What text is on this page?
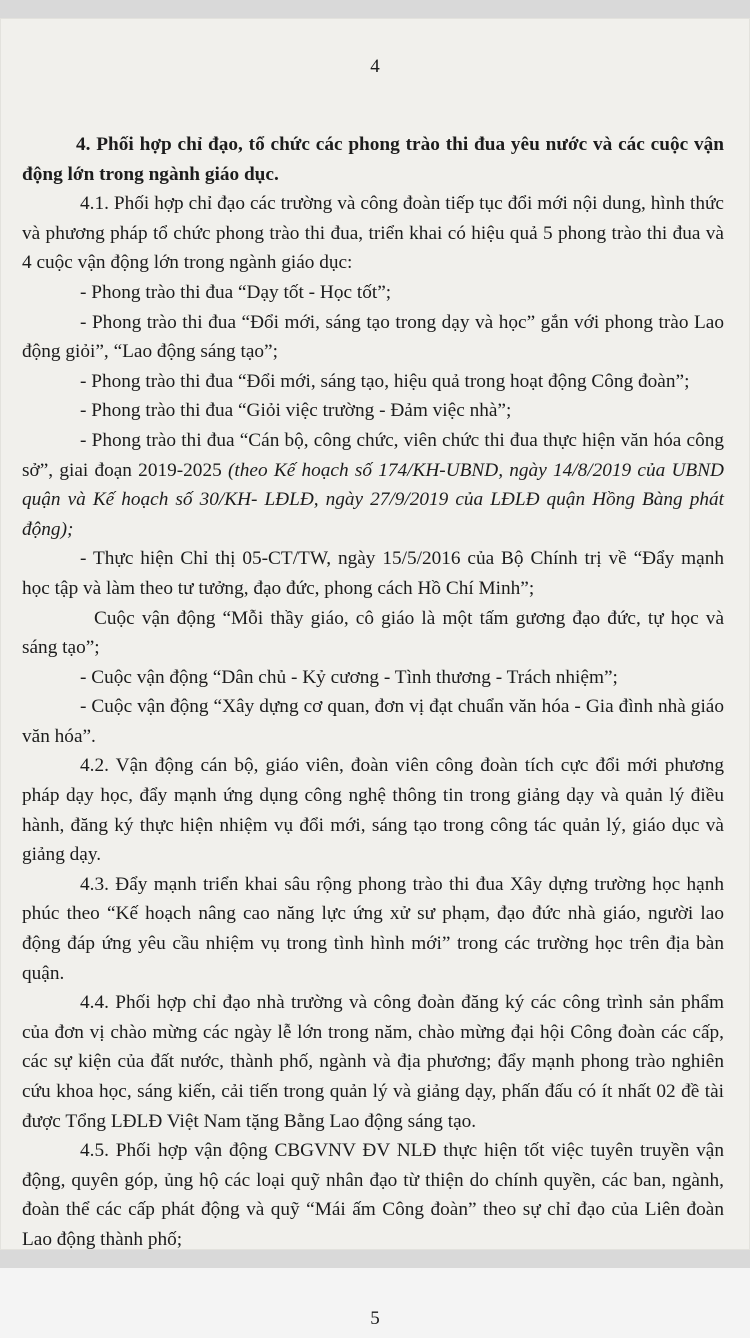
4

4. Phối hợp chỉ đạo, tổ chức các phong trào thi đua yêu nước và các cuộc vận động lớn trong ngành giáo dục.

4.1. Phối hợp chỉ đạo các trường và công đoàn tiếp tục đổi mới nội dung, hình thức và phương pháp tổ chức phong trào thi đua, triển khai có hiệu quả 5 phong trào thi đua và 4 cuộc vận động lớn trong ngành giáo dục:

- Phong trào thi đua “Dạy tốt - Học tốt”;

- Phong trào thi đua “Đổi mới, sáng tạo trong dạy và học” gắn với phong trào Lao động giỏi”, “Lao động sáng tạo”;

- Phong trào thi đua “Đổi mới, sáng tạo, hiệu quả trong hoạt động Công đoàn”;

- Phong trào thi đua “Giỏi việc trường - Đảm việc nhà”;

- Phong trào thi đua “Cán bộ, công chức, viên chức thi đua thực hiện văn hóa công sở”, giai đoạn 2019-2025 (theo Kế hoạch số 174/KH-UBND, ngày 14/8/2019 của UBND quận và Kế hoạch số 30/KH- LĐLĐ, ngày 27/9/2019 của LĐLĐ quận Hồng Bàng phát động);

- Thực hiện Chỉ thị 05-CT/TW, ngày 15/5/2016 của Bộ Chính trị về “Đẩy mạnh học tập và làm theo tư tưởng, đạo đức, phong cách Hồ Chí Minh”;

Cuộc vận động “Mỗi thầy giáo, cô giáo là một tấm gương đạo đức, tự học và sáng tạo”;

- Cuộc vận động “Dân chủ - Kỷ cương - Tình thương - Trách nhiệm”;

- Cuộc vận động “Xây dựng cơ quan, đơn vị đạt chuẩn văn hóa - Gia đình nhà giáo văn hóa”.

4.2. Vận động cán bộ, giáo viên, đoàn viên công đoàn tích cực đổi mới phương pháp dạy học, đẩy mạnh ứng dụng công nghệ thông tin trong giảng dạy và quản lý điều hành, đăng ký thực hiện nhiệm vụ đổi mới, sáng tạo trong công tác quản lý, giáo dục và giảng dạy.

4.3. Đẩy mạnh triển khai sâu rộng phong trào thi đua Xây dựng trường học hạnh phúc theo “Kế hoạch nâng cao năng lực ứng xử sư phạm, đạo đức nhà giáo, người lao động đáp ứng yêu cầu nhiệm vụ trong tình hình mới” trong các trường học trên địa bàn quận.

4.4. Phối hợp chỉ đạo nhà trường và công đoàn đăng ký các công trình sản phẩm của đơn vị chào mừng các ngày lễ lớn trong năm, chào mừng đại hội Công đoàn các cấp, các sự kiện của đất nước, thành phố, ngành và địa phương; đẩy mạnh phong trào nghiên cứu khoa học, sáng kiến, cải tiến trong quản lý và giảng dạy, phấn đấu có ít nhất 02 đề tài được Tổng LĐLĐ Việt Nam tặng Bằng Lao động sáng tạo.

4.5. Phối hợp vận động CBGVNV ĐV NLĐ thực hiện tốt việc tuyên truyền vận động, quyên góp, ủng hộ các loại quỹ nhân đạo từ thiện do chính quyền, các ban, ngành, đoàn thể các cấp phát động và quỹ “Mái ấm Công đoàn” theo sự chỉ đạo của Liên đoàn Lao động thành phố;

5
